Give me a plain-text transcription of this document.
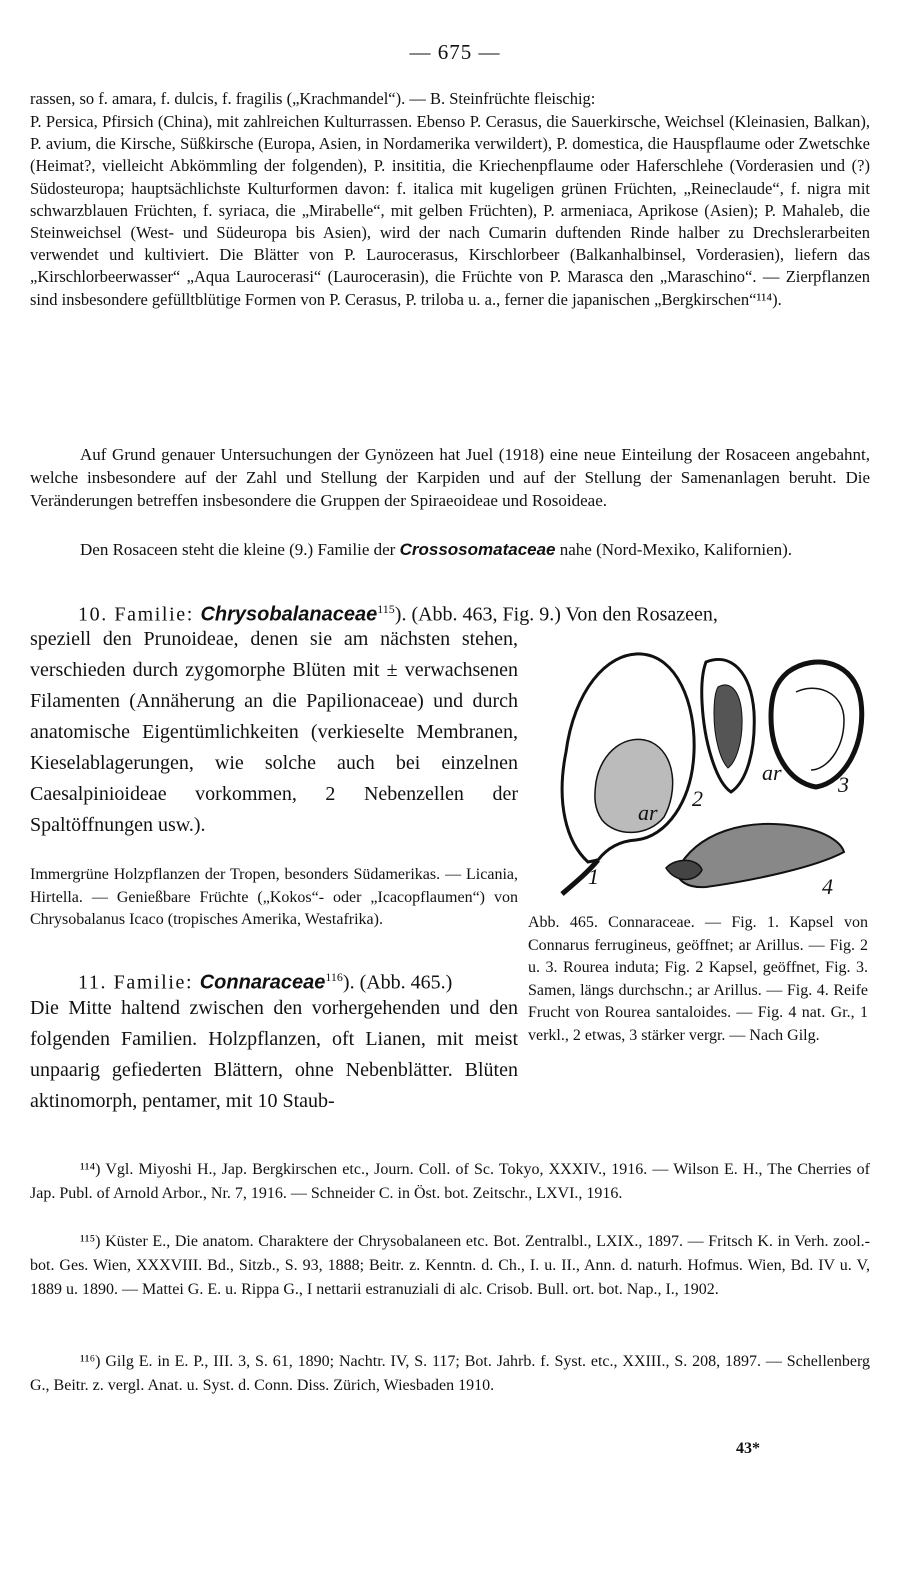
— 675 —

rassen, so f. amara, f. dulcis, f. fragilis („Krachmandel“). — B. Steinfrüchte fleischig:

P. Persica, Pfirsich (China), mit zahlreichen Kulturrassen. Ebenso P. Cerasus, die Sauerkirsche, Weichsel (Kleinasien, Balkan), P. avium, die Kirsche, Süßkirsche (Europa, Asien, in Nordamerika verwildert), P. domestica, die Hauspflaume oder Zwetschke (Heimat?, vielleicht Abkömmling der folgenden), P. insititia, die Kriechenpflaume oder Haferschlehe (Vorderasien und (?) Südosteuropa; hauptsächlichste Kulturformen davon: f. italica mit kugeligen grünen Früchten, „Reineclaude“, f. nigra mit schwarzblauen Früchten, f. syriaca, die „Mirabelle“, mit gelben Früchten), P. armeniaca, Aprikose (Asien); P. Mahaleb, die Steinweichsel (West- und Südeuropa bis Asien), wird der nach Cumarin duftenden Rinde halber zu Drechslerarbeiten verwendet und kultiviert. Die Blätter von P. Laurocerasus, Kirschlorbeer (Balkanhalbinsel, Vorderasien), liefern das „Kirschlorbeerwasser“ „Aqua Laurocerasi“ (Laurocerasin), die Früchte von P. Marasca den „Maraschino“. — Zierpflanzen sind insbesondere gefülltblütige Formen von P. Cerasus, P. triloba u. a., ferner die japanischen „Bergkirschen“¹¹⁴).

Auf Grund genauer Untersuchungen der Gynözeen hat Juel (1918) eine neue Einteilung der Rosaceen angebahnt, welche insbesondere auf der Zahl und Stellung der Karpiden und auf der Stellung der Samenanlagen beruht. Die Veränderungen betreffen insbesondere die Gruppen der Spiraeoideae und Rosoideae.

Den Rosaceen steht die kleine (9.) Familie der Crossosomataceae nahe (Nord-Mexiko, Kalifornien).

10. Familie: Chrysobalanaceae$^{115}$). (Abb. 463, Fig. 9.) Von den Rosazeen,

speziell den Prunoideae, denen sie am nächsten stehen, verschieden durch zygomorphe Blüten mit ± verwachsenen Filamenten (Annäherung an die Papilionaceae) und durch anatomische Eigentümlichkeiten (verkieselte Membranen, Kieselablagerungen, wie solche auch bei einzelnen Caesalpinioideae vorkommen, 2 Nebenzellen der Spaltöffnungen usw.).

Immergrüne Holzpflanzen der Tropen, besonders Südamerikas. — Licania, Hirtella. — Genießbare Früchte („Kokos“- oder „Icacopflaumen“) von Chrysobalanus Icaco (tropisches Amerika, Westafrika).

11. Familie: Connaraceae$^{116}$). (Abb. 465.)

Die Mitte haltend zwischen den vorhergehenden und den folgenden Familien. Holzpflanzen, oft Lianen, mit meist unpaarig gefiederten Blättern, ohne Nebenblätter. Blüten aktinomorph, pentamer, mit 10 Staub-

1
2
ar
ar	3
4

Abb. 465. Connaraceae. — Fig. 1. Kapsel von Connarus ferrugineus, geöffnet; ar Arillus. — Fig. 2 u. 3. Rourea induta; Fig. 2 Kapsel, geöffnet, Fig. 3. Samen, längs durchschn.; ar Arillus. — Fig. 4. Reife Frucht von Rourea santaloides. — Fig. 4 nat. Gr., 1 verkl., 2 etwas, 3 stärker vergr. — Nach Gilg.

¹¹⁴) Vgl. Miyoshi H., Jap. Bergkirschen etc., Journ. Coll. of Sc. Tokyo, XXXIV., 1916. — Wilson E. H., The Cherries of Jap. Publ. of Arnold Arbor., Nr. 7, 1916. — Schneider C. in Öst. bot. Zeitschr., LXVI., 1916.

¹¹⁵) Küster E., Die anatom. Charaktere der Chrysobalaneen etc. Bot. Zentralbl., LXIX., 1897. — Fritsch K. in Verh. zool.-bot. Ges. Wien, XXXVIII. Bd., Sitzb., S. 93, 1888; Beitr. z. Kenntn. d. Ch., I. u. II., Ann. d. naturh. Hofmus. Wien, Bd. IV u. V, 1889 u. 1890. — Mattei G. E. u. Rippa G., I nettarii estranuziali di alc. Crisob. Bull. ort. bot. Nap., I., 1902.

¹¹⁶) Gilg E. in E. P., III. 3, S. 61, 1890; Nachtr. IV, S. 117; Bot. Jahrb. f. Syst. etc., XXIII., S. 208, 1897. — Schellenberg G., Beitr. z. vergl. Anat. u. Syst. d. Conn. Diss. Zürich, Wiesbaden 1910.

43*
